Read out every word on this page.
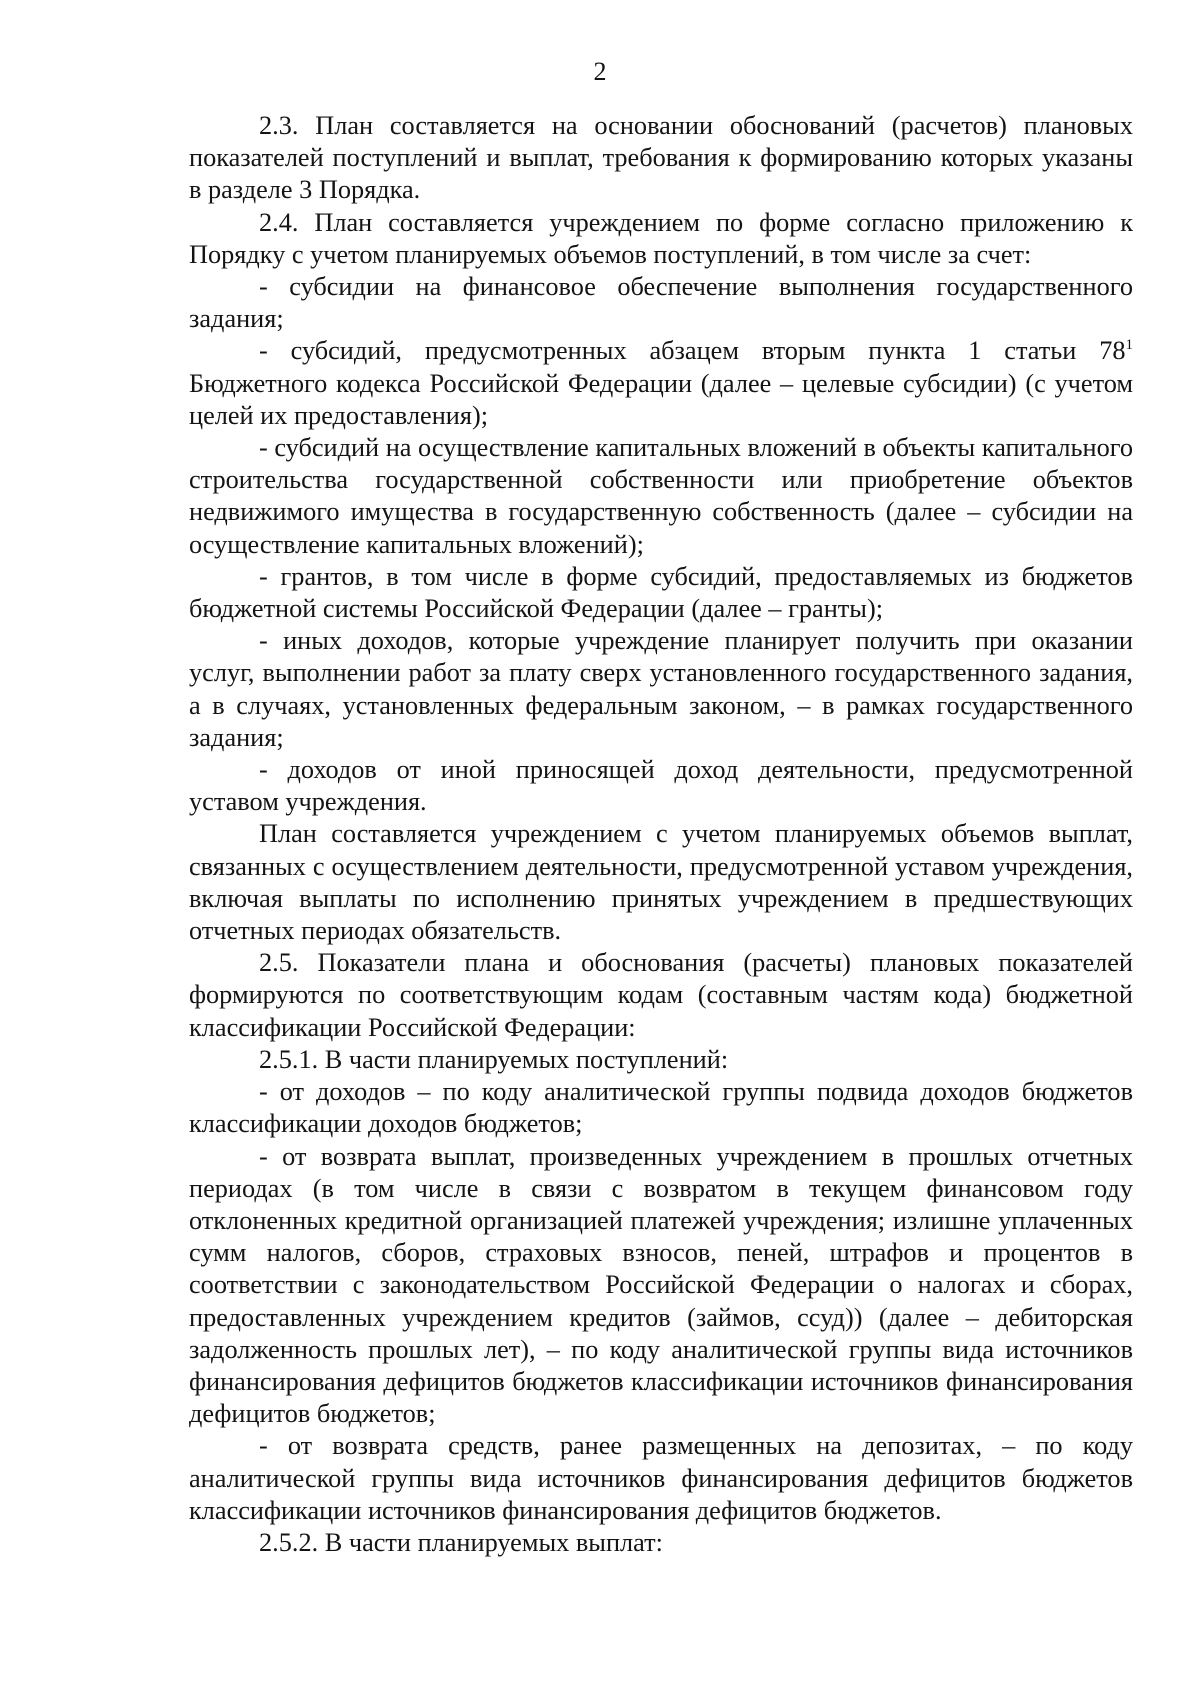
2

2.3. План составляется на основании обоснований (расчетов) плановых показателей поступлений и выплат, требования к формированию которых указаны в разделе 3 Порядка.

2.4. План составляется учреждением по форме согласно приложению к Порядку с учетом планируемых объемов поступлений, в том числе за счет:

- субсидии на финансовое обеспечение выполнения государственного задания;

- субсидий, предусмотренных абзацем вторым пункта 1 статьи $78^1$ Бюджетного кодекса Российской Федерации (далее – целевые субсидии) (с учетом целей их предоставления);

- субсидий на осуществление капитальных вложений в объекты капитального строительства государственной собственности или приобретение объектов недвижимого имущества в государственную собственность (далее – субсидии на осуществление капитальных вложений);

- грантов, в том числе в форме субсидий, предоставляемых из бюджетов бюджетной системы Российской Федерации (далее – гранты);

- иных доходов, которые учреждение планирует получить при оказании услуг, выполнении работ за плату сверх установленного государственного задания, а в случаях, установленных федеральным законом, – в рамках государственного задания;

- доходов от иной приносящей доход деятельности, предусмотренной уставом учреждения.

План составляется учреждением с учетом планируемых объемов выплат, связанных с осуществлением деятельности, предусмотренной уставом учреждения, включая выплаты по исполнению принятых учреждением в предшествующих отчетных периодах обязательств.

2.5. Показатели плана и обоснования (расчеты) плановых показателей формируются по соответствующим кодам (составным частям кода) бюджетной классификации Российской Федерации:

2.5.1. В части планируемых поступлений:

- от доходов – по коду аналитической группы подвида доходов бюджетов классификации доходов бюджетов;

- от возврата выплат, произведенных учреждением в прошлых отчетных периодах (в том числе в связи с возвратом в текущем финансовом году отклоненных кредитной организацией платежей учреждения; излишне уплаченных сумм налогов, сборов, страховых взносов, пеней, штрафов и процентов в соответствии с законодательством Российской Федерации о налогах и сборах, предоставленных учреждением кредитов (займов, ссуд)) (далее – дебиторская задолженность прошлых лет), – по коду аналитической группы вида источников финансирования дефицитов бюджетов классификации источников финансирования дефицитов бюджетов;

- от возврата средств, ранее размещенных на депозитах, – по коду аналитической группы вида источников финансирования дефицитов бюджетов классификации источников финансирования дефицитов бюджетов.

2.5.2. В части планируемых выплат:
